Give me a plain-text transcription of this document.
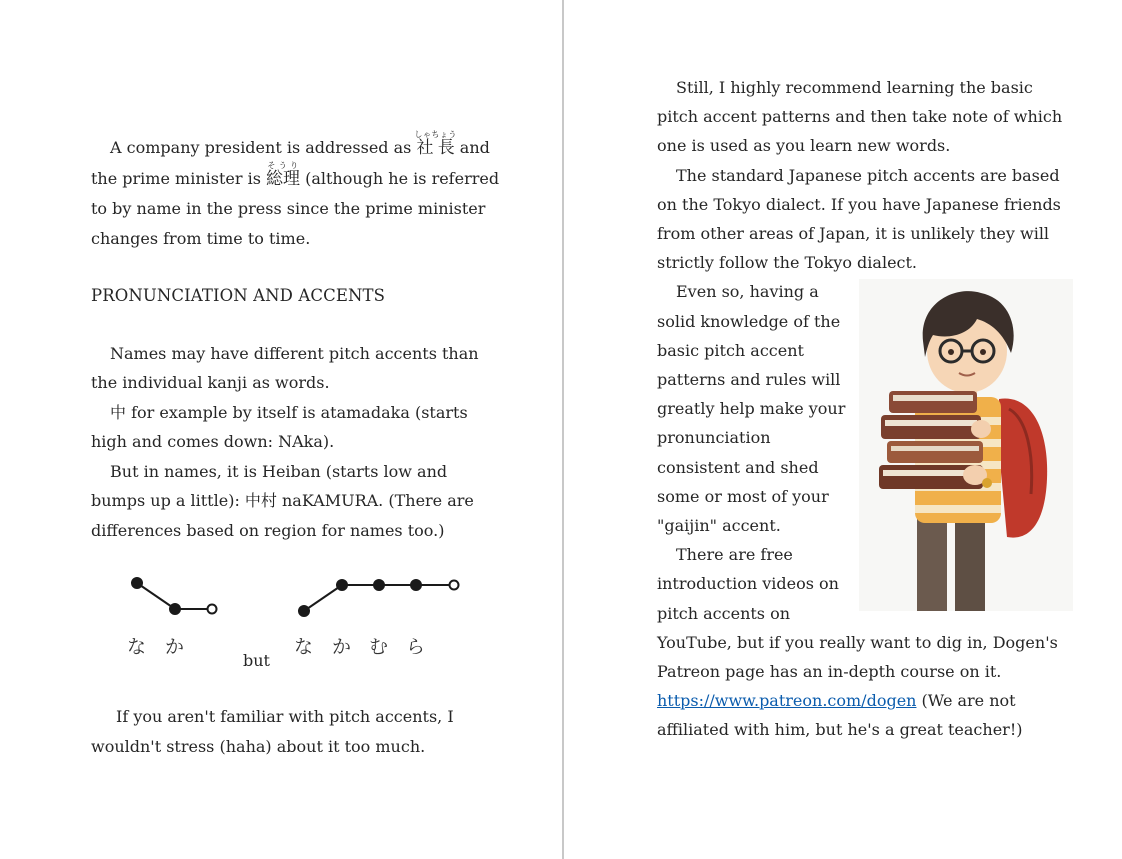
A company president is addressed as 社長しゃちょう and the prime minister is 総理そうり (although he is referred to by name in the press since the prime minister changes from time to time.

PRONUNCIATION AND ACCENTS

Names may have different pitch accents than the individual kanji as words.

中 for example by itself is atamadaka (starts high and comes down: NAka).

But in names, it is Heiban (starts low and bumps up a little): 中村 naKAMURA. (There are differences based on region for names too.)

な か
but
な か む ら

If you aren't familiar with pitch accents, I wouldn't stress (haha) about it too much.

Still, I highly recommend learning the basic pitch accent patterns and then take note of which one is used as you learn new words.

The standard Japanese pitch accents are based on the Tokyo dialect. If you have Japanese friends from other areas of Japan, it is unlikely they will strictly follow the Tokyo dialect.

Even so, having a solid knowledge of the basic pitch accent patterns and rules will greatly help make your pronunciation consistent and shed some or most of your "gaijin" accent.

There are free introduction videos on pitch accents on YouTube, but if you really want to dig in, Dogen's Patreon page has an in-depth course on it. https://www.patreon.com/dogen (We are not affiliated with him, but he's a great teacher!)
